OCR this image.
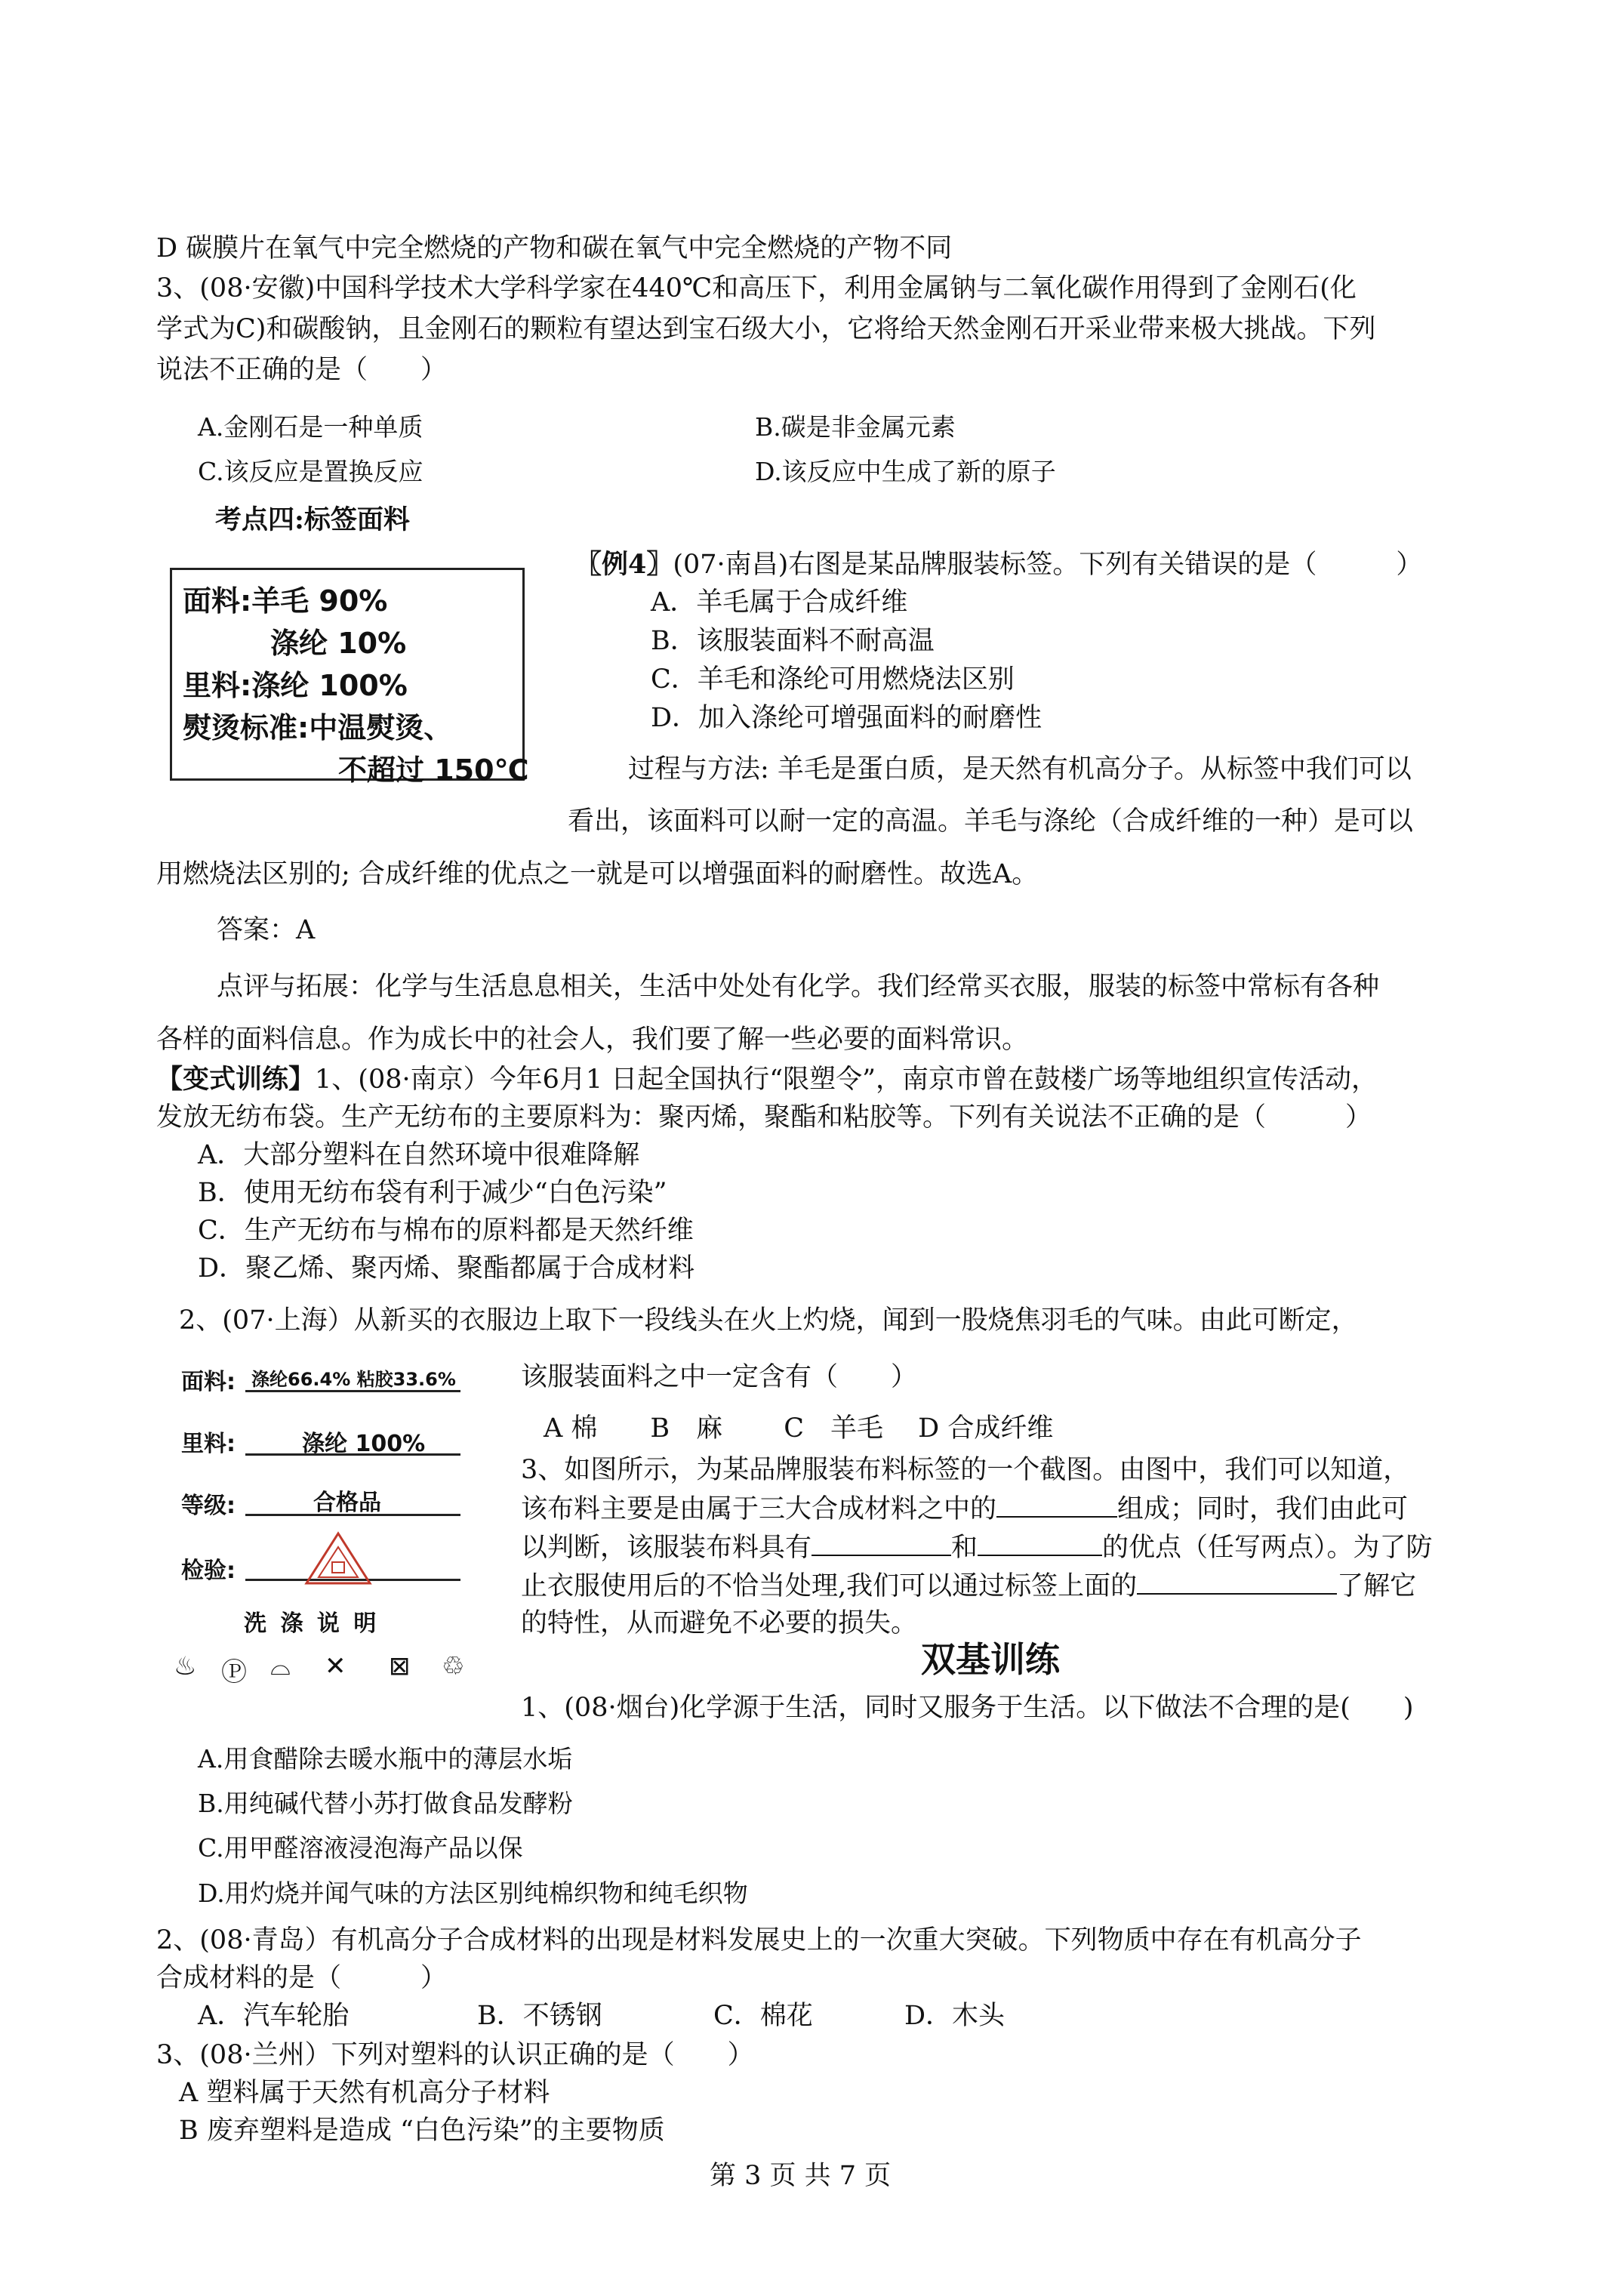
D 碳膜片在氧气中完全燃烧的产物和碳在氧气中完全燃烧的产物不同
3、(08·安徽)中国科学技术大学科学家在440℃和高压下，利用金属钠与二氧化碳作用得到了金刚石(化
学式为C)和碳酸钠，且金刚石的颗粒有望达到宝石级大小，它将给天然金刚石开采业带来极大挑战。下列
说法不正确的是（　　）
A.金刚石是一种单质	B.碳是非金属元素
C.该反应是置换反应	D.该反应中生成了新的原子
考点四:标签面料
面料:羊毛 90%
涤纶 10%
里料:涤纶 100%
熨烫标准:中温熨烫、
不超过 150℃
〖例4〗(07·南昌)右图是某品牌服装标签。下列有关错误的是（　　　）
A．羊毛属于合成纤维
B．该服装面料不耐高温
C．羊毛和涤纶可用燃烧法区别
D．加入涤纶可增强面料的耐磨性
过程与方法: 羊毛是蛋白质，是天然有机高分子。从标签中我们可以
看出，该面料可以耐一定的高温。羊毛与涤纶（合成纤维的一种）是可以
用燃烧法区别的; 合成纤维的优点之一就是可以增强面料的耐磨性。故选A。
答案：A
点评与拓展：化学与生活息息相关，生活中处处有化学。我们经常买衣服，服装的标签中常标有各种
各样的面料信息。作为成长中的社会人，我们要了解一些必要的面料常识。
【变式训练】1、(08·南京）今年6月1 日起全国执行“限塑令”，南京市曾在鼓楼广场等地组织宣传活动，
发放无纺布袋。生产无纺布的主要原料为：聚丙烯，聚酯和粘胶等。下列有关说法不正确的是（　　　）
A．大部分塑料在自然环境中很难降解
B．使用无纺布袋有利于减少“白色污染”
C．生产无纺布与棉布的原料都是天然纤维
D．聚乙烯、聚丙烯、聚酯都属于合成材料
2、(07·上海）从新买的衣服边上取下一段线头在火上灼烧，闻到一股烧焦羽毛的气味。由此可断定，
面料: 涤纶66.4% 粘胶33.6%
里料:	涤纶 100%
等级:	合格品
检验:
洗 涤 说 明
♨ Ⓟ ⌓ ✕ ⊠ ♲
该服装面料之中一定含有（　　）
A 棉　　B　麻　　 C　羊毛　 D 合成纤维
3、如图所示，为某品牌服装布料标签的一个截图。由图中，我们可以知道，
该布料主要是由属于三大合成材料之中的	组成；同时，我们由此可
以判断，该服装布料具有	和	的优点（任写两点）。为了防
止衣服使用后的不恰当处理,我们可以通过标签上面的	了解它
的特性，从而避免不必要的损失。
双基训练
1、(08·烟台)化学源于生活，同时又服务于生活。以下做法不合理的是(　　)
A.用食醋除去暖水瓶中的薄层水垢
B.用纯碱代替小苏打做食品发酵粉
C.用甲醛溶液浸泡海产品以保
D.用灼烧并闻气味的方法区别纯棉织物和纯毛织物
2、(08·青岛）有机高分子合成材料的出现是材料发展史上的一次重大突破。下列物质中存在有机高分子
合成材料的是（　　　）
A．汽车轮胎	B．不锈钢	C．棉花	D．木头
3、(08·兰州）下列对塑料的认识正确的是（　　）
A 塑料属于天然有机高分子材料
B 废弃塑料是造成 “白色污染”的主要物质
第 3 页 共 7 页
